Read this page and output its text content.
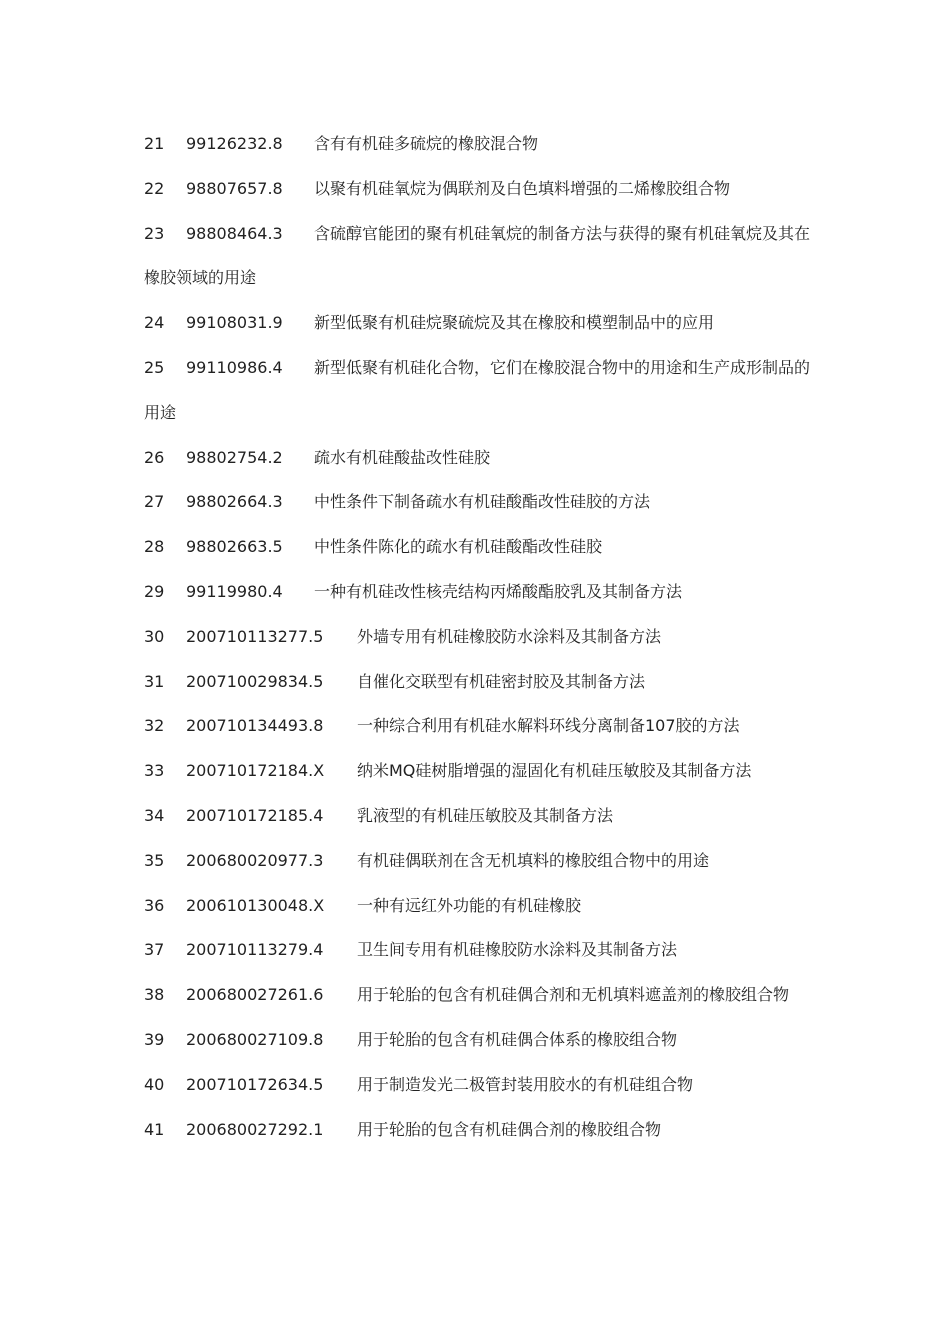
21 99126232.8 含有有机硅多硫烷的橡胶混合物
22 98807657.8 以聚有机硅氧烷为偶联剂及白色填料增强的二烯橡胶组合物
23 98808464.3 含硫醇官能团的聚有机硅氧烷的制备方法与获得的聚有机硅氧烷及其在橡胶领域的用途
24 99108031.9 新型低聚有机硅烷聚硫烷及其在橡胶和模塑制品中的应用
25 99110986.4 新型低聚有机硅化合物，它们在橡胶混合物中的用途和生产成形制品的用途
26 98802754.2 疏水有机硅酸盐改性硅胶
27 98802664.3 中性条件下制备疏水有机硅酸酯改性硅胶的方法
28 98802663.5 中性条件陈化的疏水有机硅酸酯改性硅胶
29 99119980.4 一种有机硅改性核壳结构丙烯酸酯胶乳及其制备方法
30 200710113277.5 外墙专用有机硅橡胶防水涂料及其制备方法
31 200710029834.5 自催化交联型有机硅密封胶及其制备方法
32 200710134493.8 一种综合利用有机硅水解料环线分离制备107胶的方法
33 200710172184.X 纳米MQ硅树脂增强的湿固化有机硅压敏胶及其制备方法
34 200710172185.4 乳液型的有机硅压敏胶及其制备方法
35 200680020977.3 有机硅偶联剂在含无机填料的橡胶组合物中的用途
36 200610130048.X 一种有远红外功能的有机硅橡胶
37 200710113279.4 卫生间专用有机硅橡胶防水涂料及其制备方法
38 200680027261.6 用于轮胎的包含有机硅偶合剂和无机填料遮盖剂的橡胶组合物
39 200680027109.8 用于轮胎的包含有机硅偶合体系的橡胶组合物
40 200710172634.5 用于制造发光二极管封装用胶水的有机硅组合物
41 200680027292.1 用于轮胎的包含有机硅偶合剂的橡胶组合物
